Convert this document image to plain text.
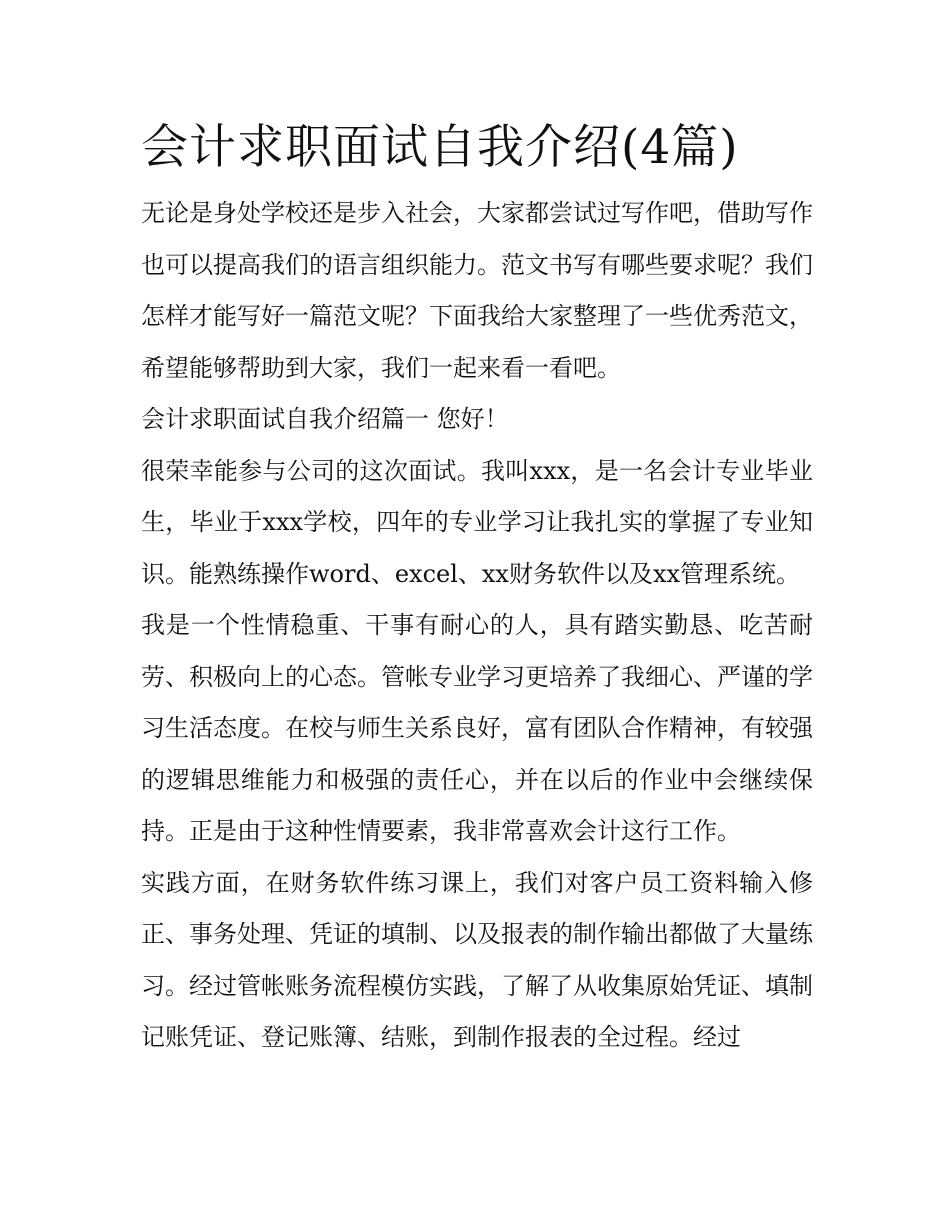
会计求职面试自我介绍(4篇)

无论是身处学校还是步入社会，大家都尝试过写作吧，借助写作也可以提高我们的语言组织能力。范文书写有哪些要求呢？我们怎样才能写好一篇范文呢？下面我给大家整理了一些优秀范文，希望能够帮助到大家，我们一起来看一看吧。

会计求职面试自我介绍篇一 您好！

很荣幸能参与公司的这次面试。我叫xxx，是一名会计专业毕业生，毕业于xxx学校，四年的专业学习让我扎实的掌握了专业知识。能熟练操作word、excel、xx财务软件以及xx管理系统。

我是一个性情稳重、干事有耐心的人，具有踏实勤恳、吃苦耐劳、积极向上的心态。管帐专业学习更培养了我细心、严谨的学习生活态度。在校与师生关系良好，富有团队合作精神，有较强的逻辑思维能力和极强的责任心，并在以后的作业中会继续保持。正是由于这种性情要素，我非常喜欢会计这行工作。

实践方面，在财务软件练习课上，我们对客户员工资料输入修正、事务处理、凭证的填制、以及报表的制作输出都做了大量练习。经过管帐账务流程模仿实践，了解了从收集原始凭证、填制记账凭证、登记账簿、结账，到制作报表的全过程。经过
